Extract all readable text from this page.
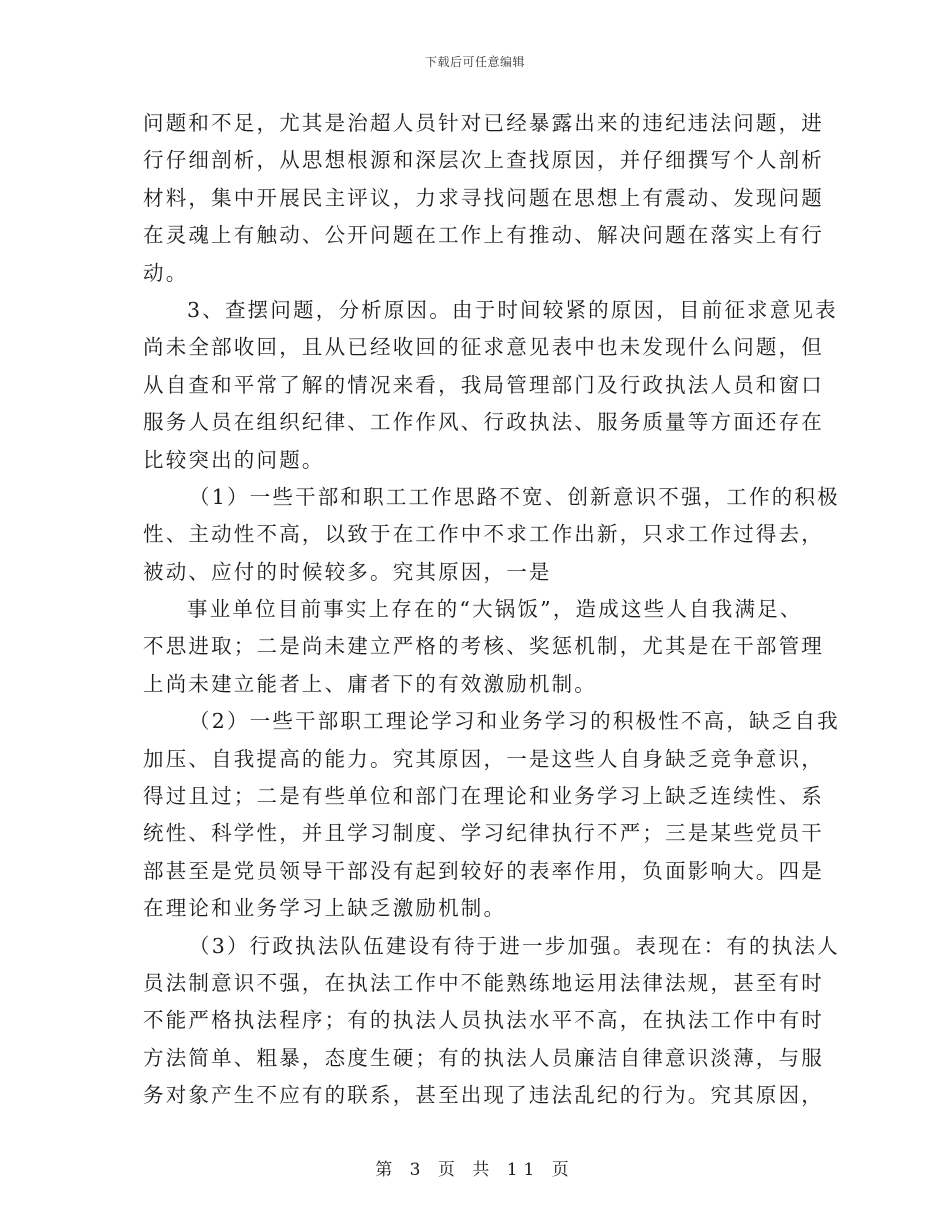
下载后可任意编辑
问题和不足，尤其是治超人员针对已经暴露出来的违纪违法问题，进
行仔细剖析，从思想根源和深层次上查找原因，并仔细撰写个人剖析
材料，集中开展民主评议，力求寻找问题在思想上有震动、发现问题
在灵魂上有触动、公开问题在工作上有推动、解决问题在落实上有行
动。
3、查摆问题，分析原因。由于时间较紧的原因，目前征求意见表
尚未全部收回，且从已经收回的征求意见表中也未发现什么问题，但
从自查和平常了解的情况来看，我局管理部门及行政执法人员和窗口
服务人员在组织纪律、工作作风、行政执法、服务质量等方面还存在
比较突出的问题。
（1）一些干部和职工工作思路不宽、创新意识不强，工作的积极
性、主动性不高，以致于在工作中不求工作出新，只求工作过得去，
被动、应付的时候较多。究其原因，一是
事业单位目前事实上存在的“大锅饭”，造成这些人自我满足、
不思进取；二是尚未建立严格的考核、奖惩机制，尤其是在干部管理
上尚未建立能者上、庸者下的有效激励机制。
（2）一些干部职工理论学习和业务学习的积极性不高，缺乏自我
加压、自我提高的能力。究其原因，一是这些人自身缺乏竞争意识，
得过且过；二是有些单位和部门在理论和业务学习上缺乏连续性、系
统性、科学性，并且学习制度、学习纪律执行不严；三是某些党员干
部甚至是党员领导干部没有起到较好的表率作用，负面影响大。四是
在理论和业务学习上缺乏激励机制。
（3）行政执法队伍建设有待于进一步加强。表现在：有的执法人
员法制意识不强，在执法工作中不能熟练地运用法律法规，甚至有时
不能严格执法程序；有的执法人员执法水平不高，在执法工作中有时
方法简单、粗暴，态度生硬；有的执法人员廉洁自律意识淡薄，与服
务对象产生不应有的联系，甚至出现了违法乱纪的行为。究其原因，
第 3 页 共 11 页
